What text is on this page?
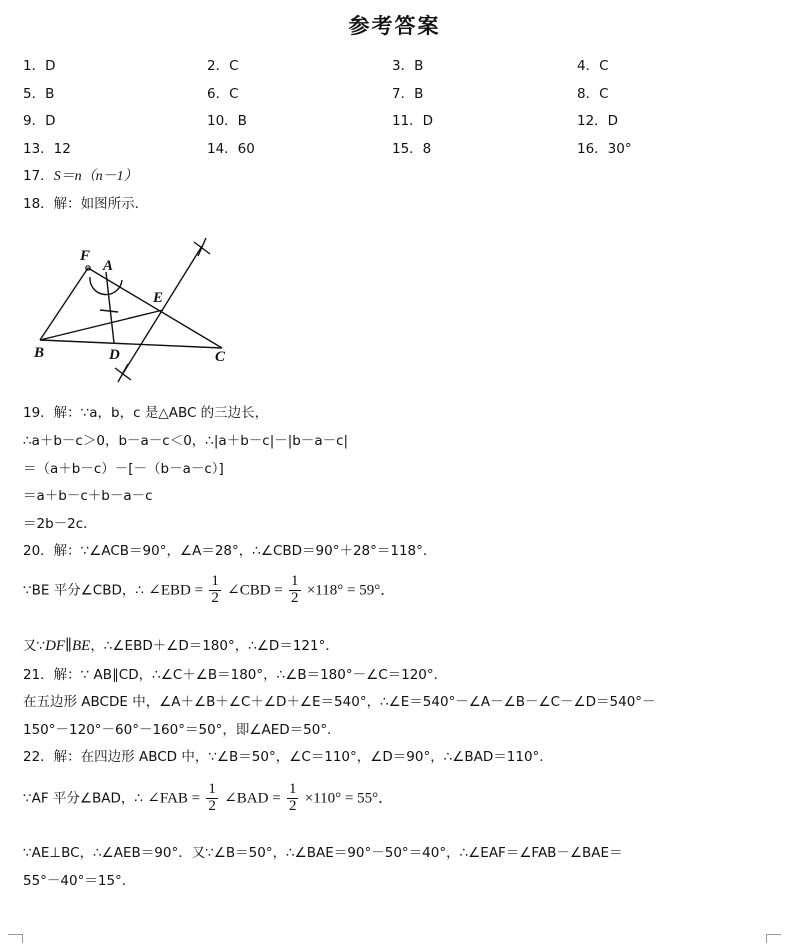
参考答案
1．D	2．C	3．B	4．C
5．B	6．C	7．B	8．C
9．D	10．B	11．D	12．D
13．12	14．60	15．8	16．30°
17．S＝n（n－1）
18．解：如图所示．
F
A
E
B	D	C
19．解：∵a，b，c 是△ABC 的三边长，
∴a＋b－c＞0，b－a－c＜0，∴|a＋b－c|－|b－a－c|
＝（a＋b－c）－[－（b－a－c）]
＝a＋b－c＋b－a－c
＝2b－2c．
20．解：∵∠ACB＝90°，∠A＝28°，∴∠CBD＝90°＋28°＝118°．
∵BE 平分∠CBD，∴ ∠EBD = $\frac{1}{2}$ ∠CBD = $\frac{1}{2} \times 118^\circ = 59^\circ$．
又∵DF∥BE，∴∠EBD＋∠D＝180°，∴∠D＝121°．
21．解：∵ AB∥CD，∴∠C＋∠B＝180°，∴∠B＝180°－∠C＝120°．
在五边形 ABCDE 中，∠A＋∠B＋∠C＋∠D＋∠E＝540°，∴∠E＝540°－∠A－∠B－∠C－∠D＝540°－
150°－120°－60°－160°＝50°，即∠AED＝50°．
22．解：在四边形 ABCD 中，∵∠B＝50°，∠C＝110°，∠D＝90°，∴∠BAD＝110°．
∵AF 平分∠BAD，∴ ∠FAB = $\frac{1}{2}$ ∠BAD = $\frac{1}{2} \times 110^\circ = 55^\circ$．
∵AE⊥BC，∴∠AEB＝90°．又∵∠B＝50°，∴∠BAE＝90°－50°＝40°，∴∠EAF＝∠FAB－∠BAE＝
55°－40°＝15°．
